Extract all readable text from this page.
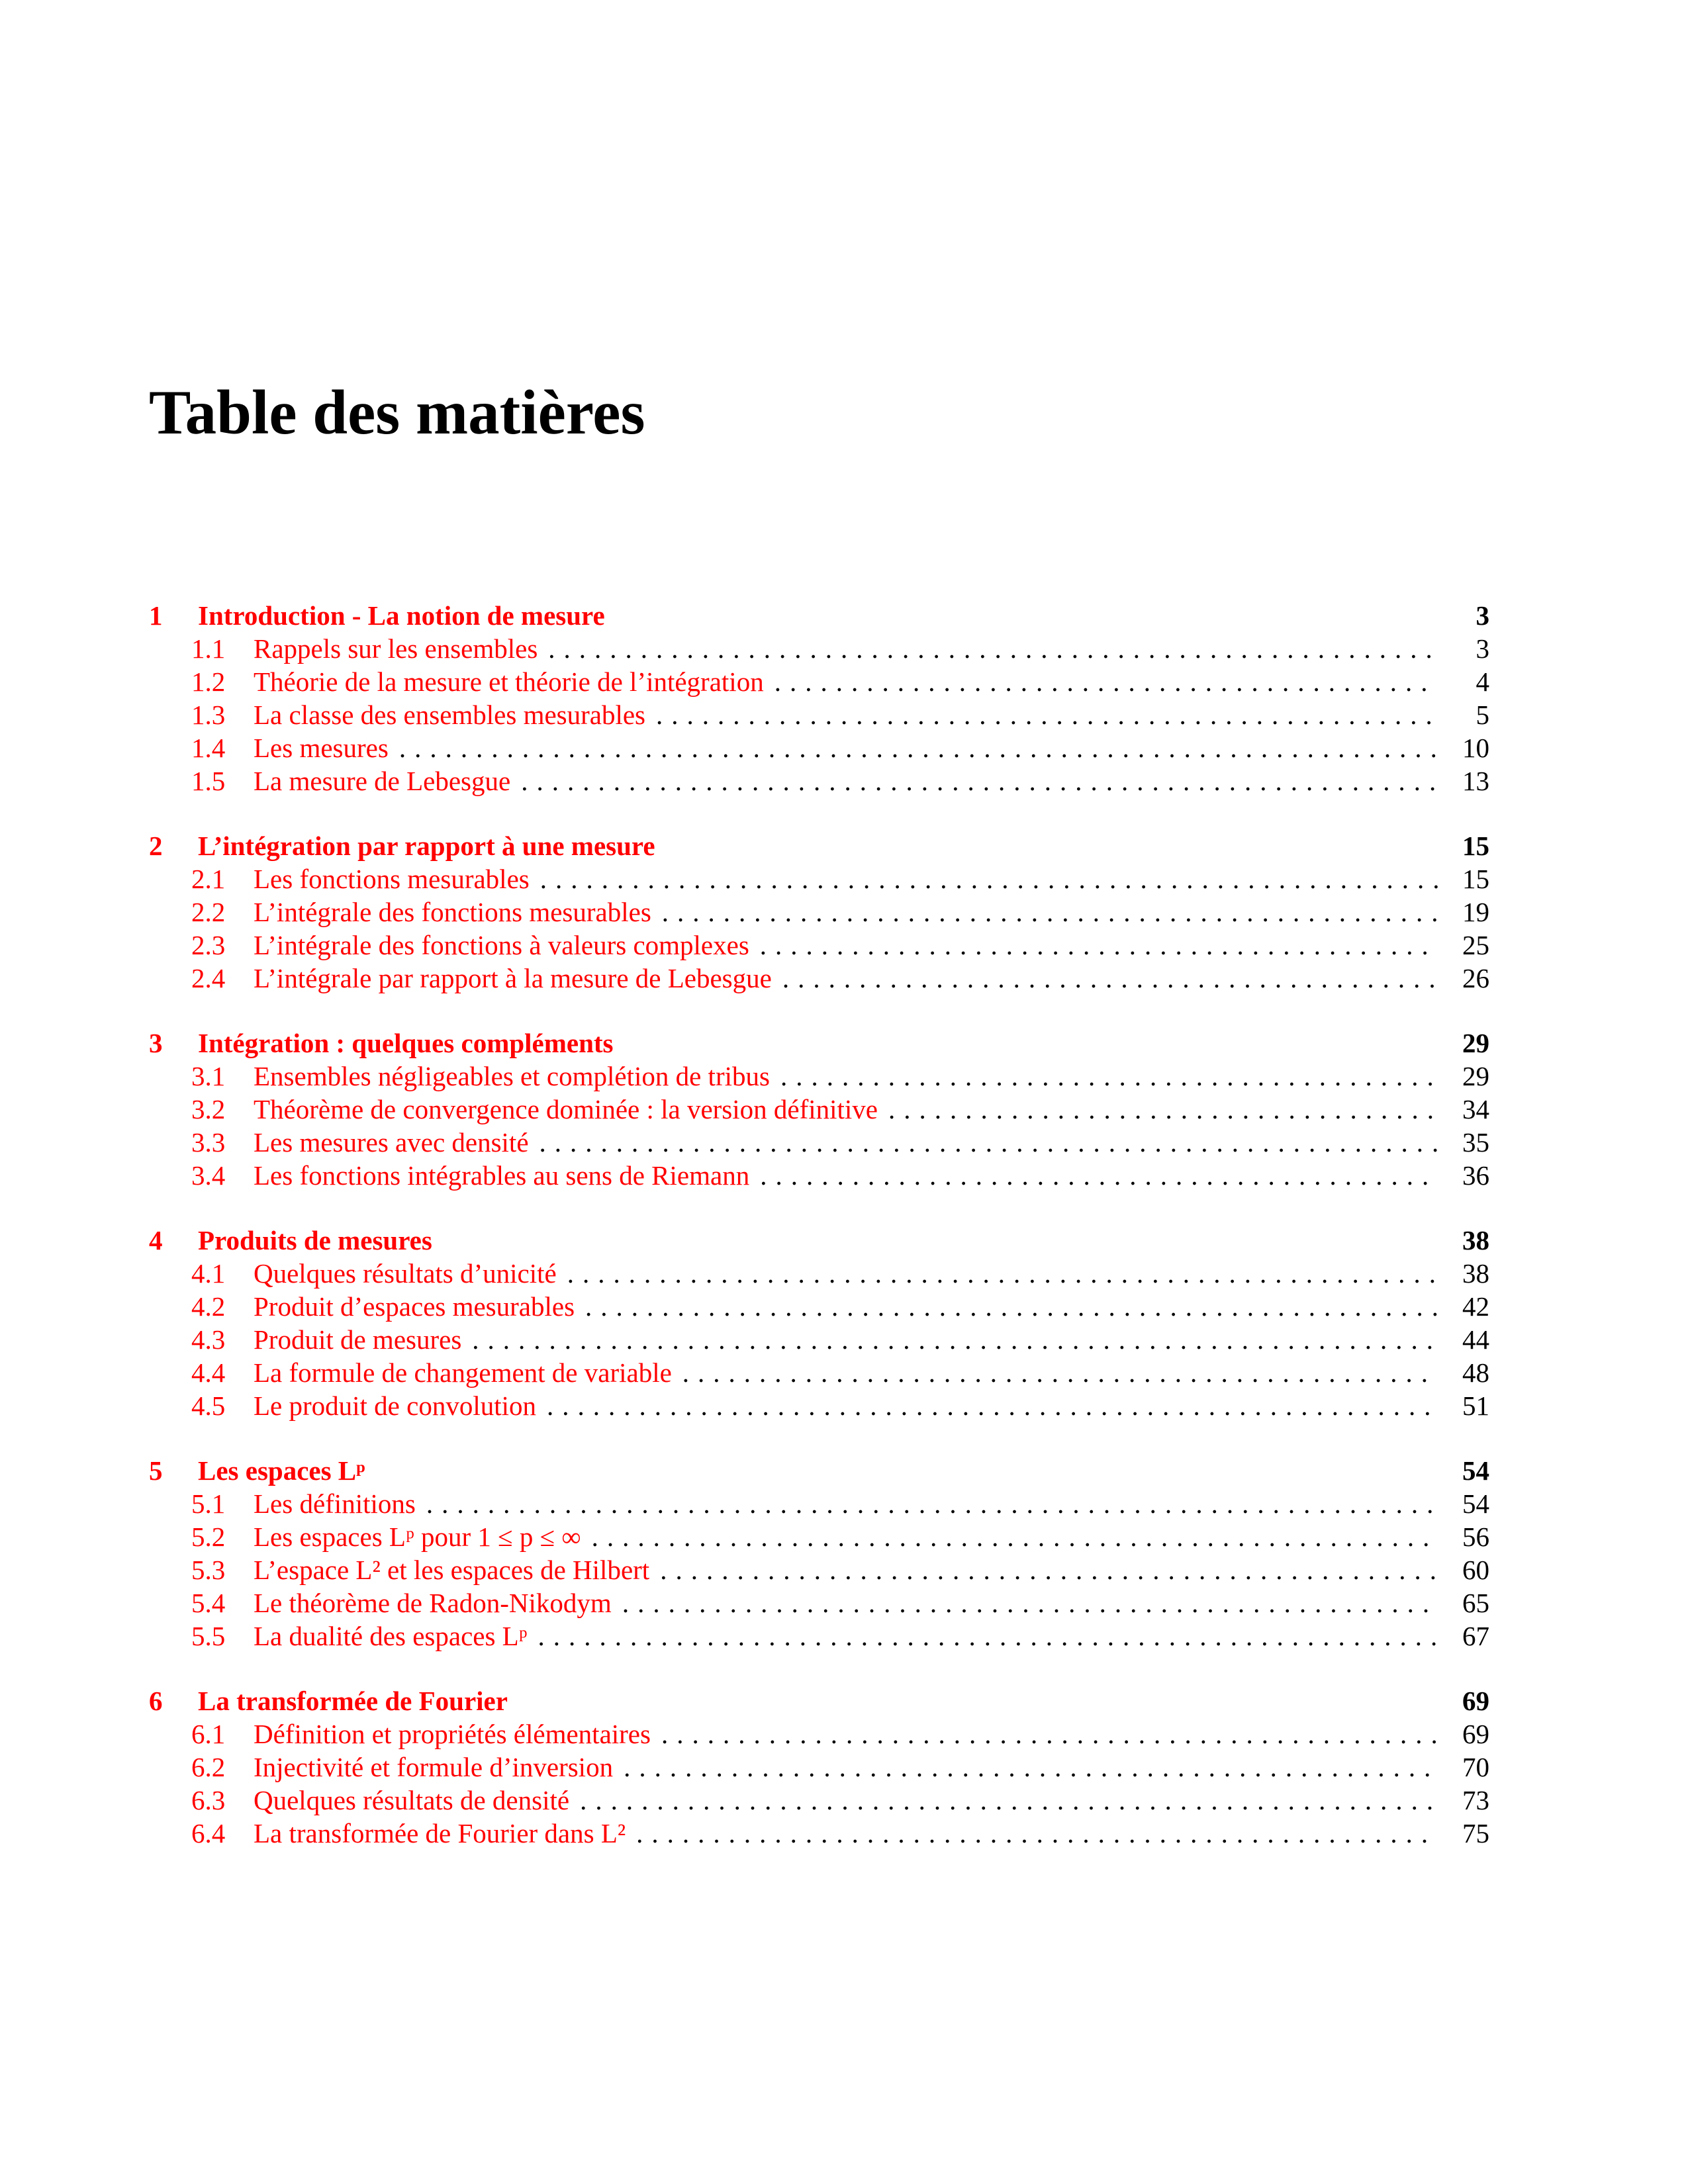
Table des matières
1	Introduction - La notion de mesure	3
1.1	Rappels sur les ensembles .....	3
1.2	Théorie de la mesure et théorie de l’intégration .....	4
1.3	La classe des ensembles mesurables .....	5
1.4	Les mesures .....	10
1.5	La mesure de Lebesgue .....	13
2	L’intégration par rapport à une mesure	15
2.1	Les fonctions mesurables .....	15
2.2	L’intégrale des fonctions mesurables .....	19
2.3	L’intégrale des fonctions à valeurs complexes .....	25
2.4	L’intégrale par rapport à la mesure de Lebesgue .....	26
3	Intégration : quelques compléments	29
3.1	Ensembles négligeables et complétion de tribus .....	29
3.2	Théorème de convergence dominée : la version définitive .....	34
3.3	Les mesures avec densité .....	35
3.4	Les fonctions intégrables au sens de Riemann .....	36
4	Produits de mesures	38
4.1	Quelques résultats d’unicité .....	38
4.2	Produit d’espaces mesurables .....	42
4.3	Produit de mesures .....	44
4.4	La formule de changement de variable .....	48
4.5	Le produit de convolution .....	51
5	Les espaces Lᵖ	54
5.1	Les définitions .....	54
5.2	Les espaces Lᵖ pour 1 ≤ p ≤ ∞ .....	56
5.3	L’espace L² et les espaces de Hilbert .....	60
5.4	Le théorème de Radon-Nikodym .....	65
5.5	La dualité des espaces Lᵖ .....	67
6	La transformée de Fourier	69
6.1	Définition et propriétés élémentaires .....	69
6.2	Injectivité et formule d’inversion .....	70
6.3	Quelques résultats de densité .....	73
6.4	La transformée de Fourier dans L² .....	75
